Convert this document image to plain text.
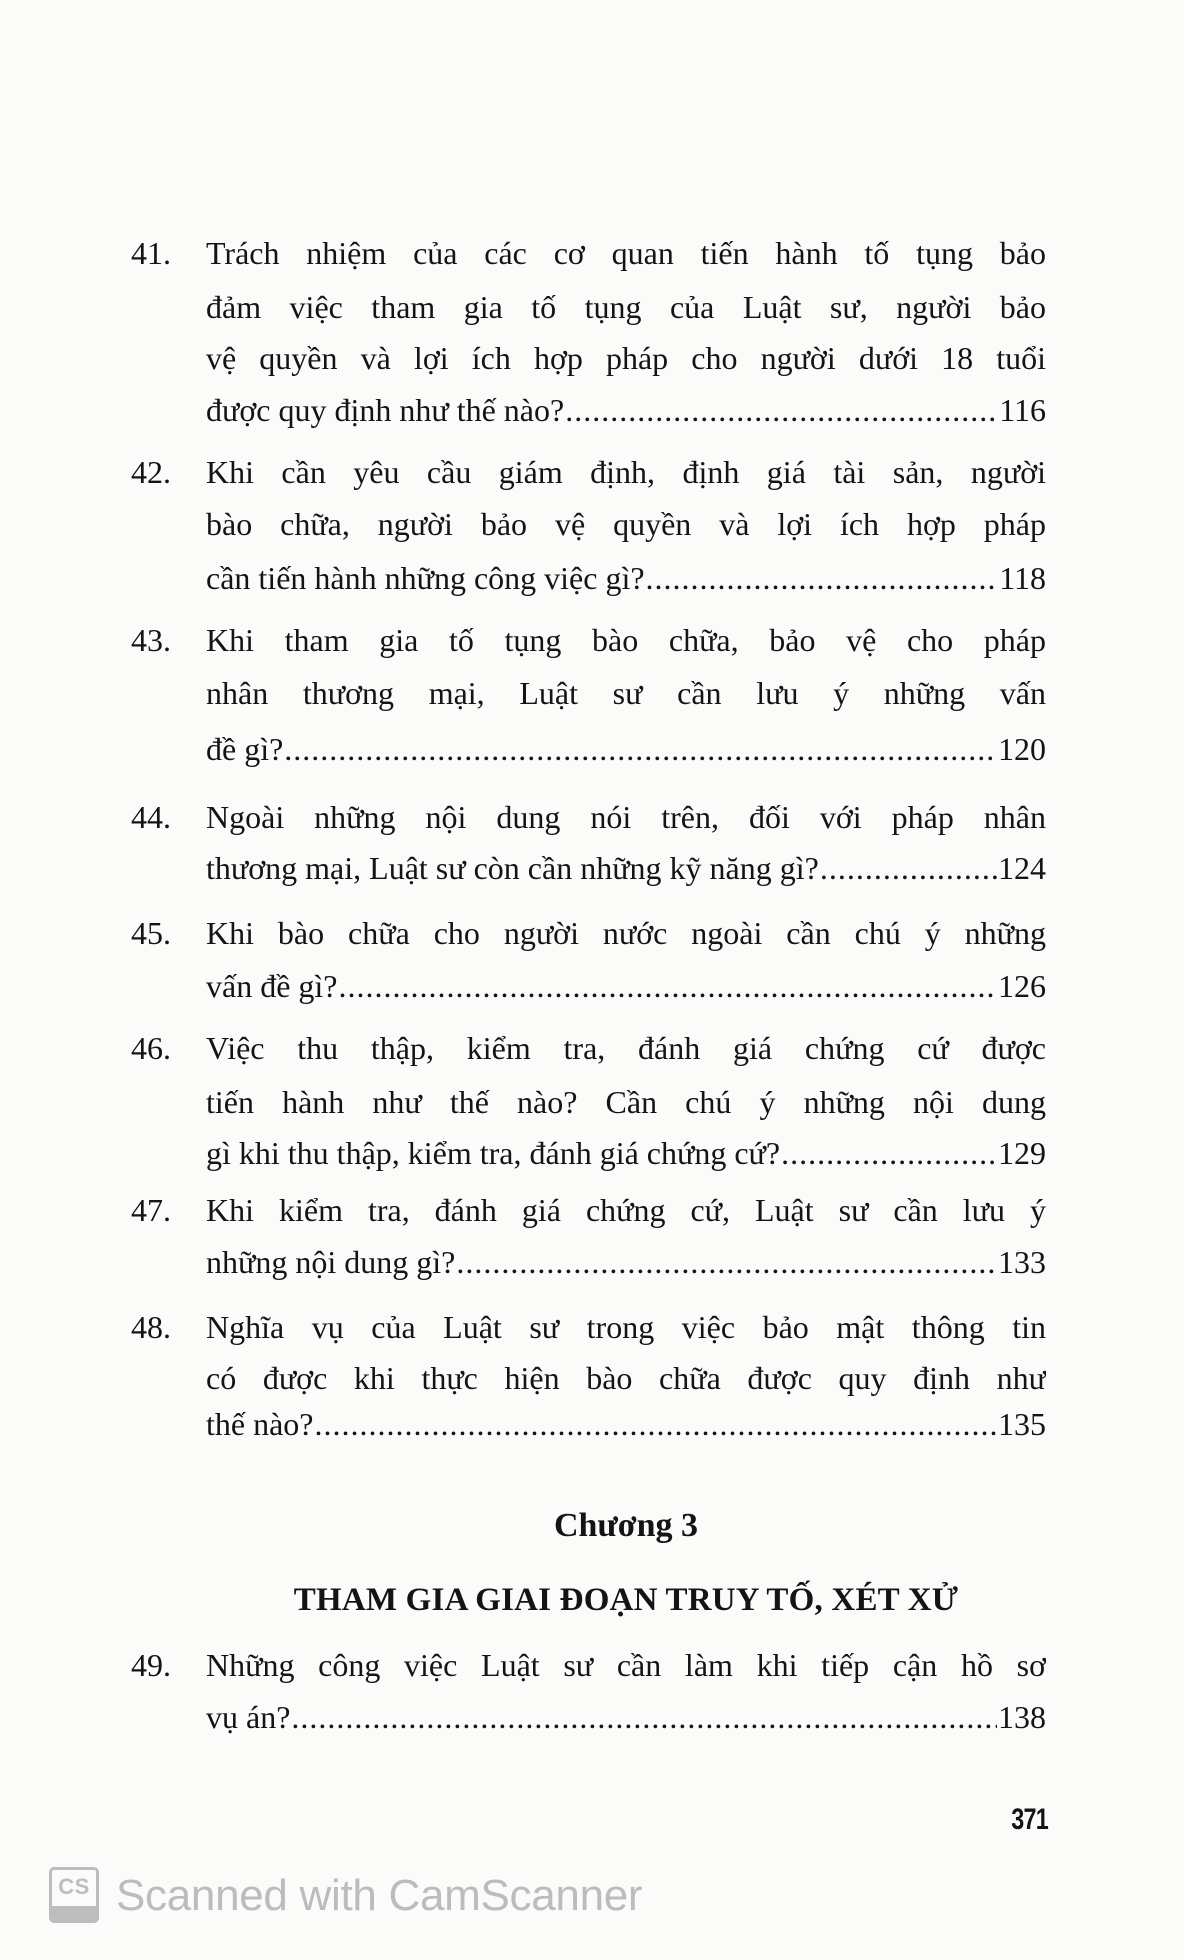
41.	Trách nhiệm của các cơ quan tiến hành tố tụng bảo
đảm việc tham gia tố tụng của Luật sư, người bảo
vệ quyền và lợi ích hợp pháp cho người dưới 18 tuổi
được quy định như thế nào? .....	116
42.	Khi cần yêu cầu giám định, định giá tài sản, người
bào chữa, người bảo vệ quyền và lợi ích hợp pháp
cần tiến hành những công việc gì? .....	118
43.	Khi tham gia tố tụng bào chữa, bảo vệ cho pháp
nhân thương mại, Luật sư cần lưu ý những vấn
đề gì? .....	120
44.	Ngoài những nội dung nói trên, đối với pháp nhân
thương mại, Luật sư còn cần những kỹ năng gì? .....	124
45.	Khi bào chữa cho người nước ngoài cần chú ý những
vấn đề gì? .....	126
46.	Việc thu thập, kiểm tra, đánh giá chứng cứ được
tiến hành như thế nào? Cần chú ý những nội dung
gì khi thu thập, kiểm tra, đánh giá chứng cứ? .....	129
47.	Khi kiểm tra, đánh giá chứng cứ, Luật sư cần lưu ý
những nội dung gì? .....	133
48.	Nghĩa vụ của Luật sư trong việc bảo mật thông tin
có được khi thực hiện bào chữa được quy định như
thế nào? .....	135
Chương 3
THAM GIA GIAI ĐOẠN TRUY TỐ, XÉT XỬ
49.	Những công việc Luật sư cần làm khi tiếp cận hồ sơ
vụ án? .....	138
371
CS Scanned with CamScanner
